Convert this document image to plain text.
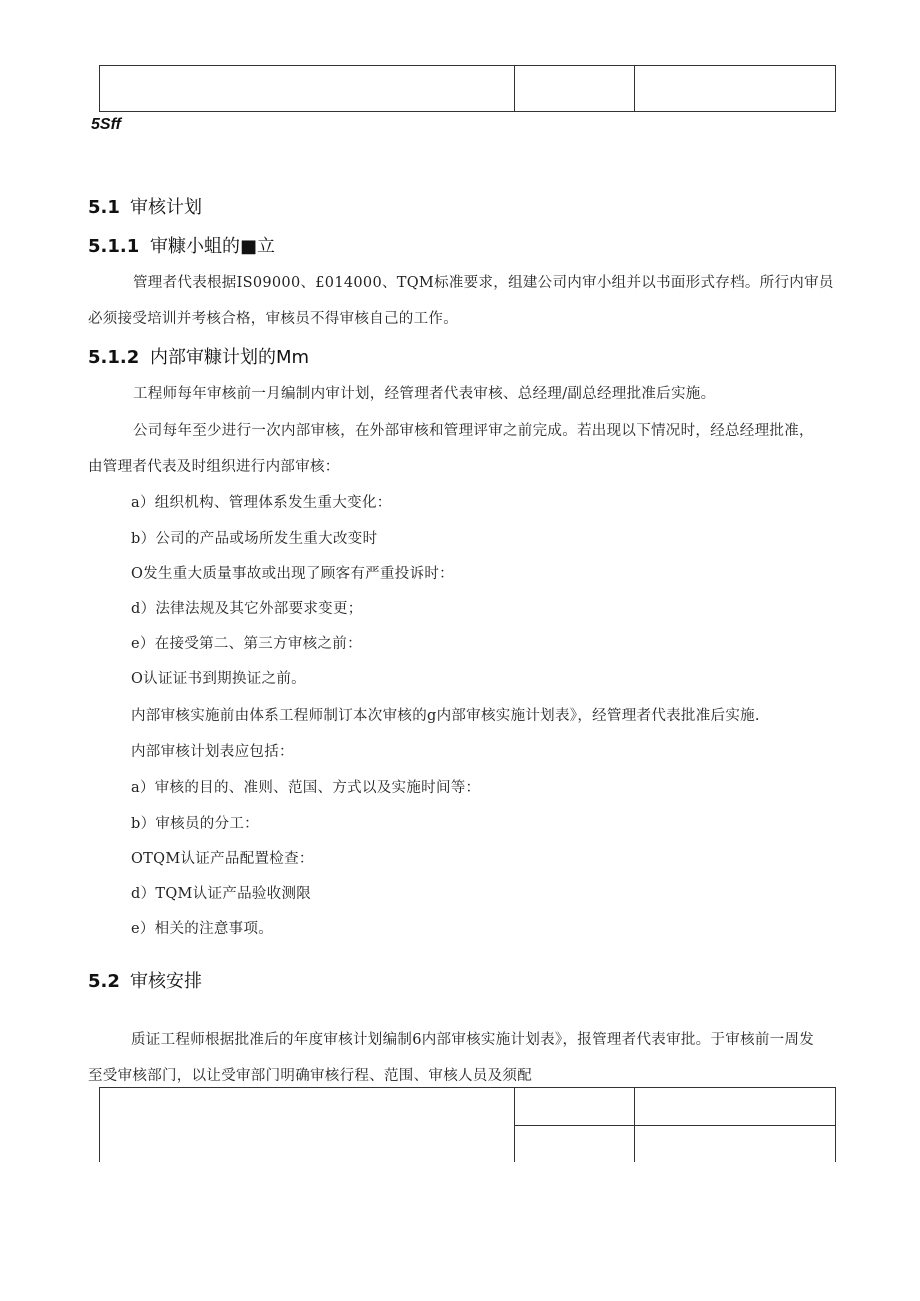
5Sff
5.1 审核计划
5.1.1 审糠小蛆的■立
管理者代表根据IS09000、£014000、TQM标准要求，组建公司内审小组并以书面形式存档。所行内审员
必须接受培训并考核合格，审核员不得审核自己的工作。
5.1.2 内部审糠计划的Mm
工程师每年审核前一月编制内审计划，经管理者代表审核、总经理/副总经理批准后实施。
公司每年至少进行一次内部审核，在外部审核和管理评审之前完成。若出现以下情况时，经总经理批准，
由管理者代表及时组织进行内部审核：
a）组织机构、管理体系发生重大变化：
b）公司的产品或场所发生重大改变时
O发生重大质量事故或出现了顾客有严重投诉时：
d）法律法规及其它外部要求变更；
e）在接受第二、第三方审核之前：
O认证证书到期换证之前。
内部审核实施前由体系工程师制订本次审核的g内部审核实施计划表》，经管理者代表批准后实施.
内部审核计划表应包括：
a）审核的目的、准则、范国、方式以及实施时间等：
b）审核员的分工：
OTQM认证产品配置检查：
d）TQM认证产品验收测限
e）相关的注意事项。
5.2 审核安排
质证工程师根据批准后的年度审核计划编制6内部审核实施计划表》，报管理者代表审批。于审核前一周发
至受审核部门，以让受审部门明确审核行程、范围、审核人员及须配
